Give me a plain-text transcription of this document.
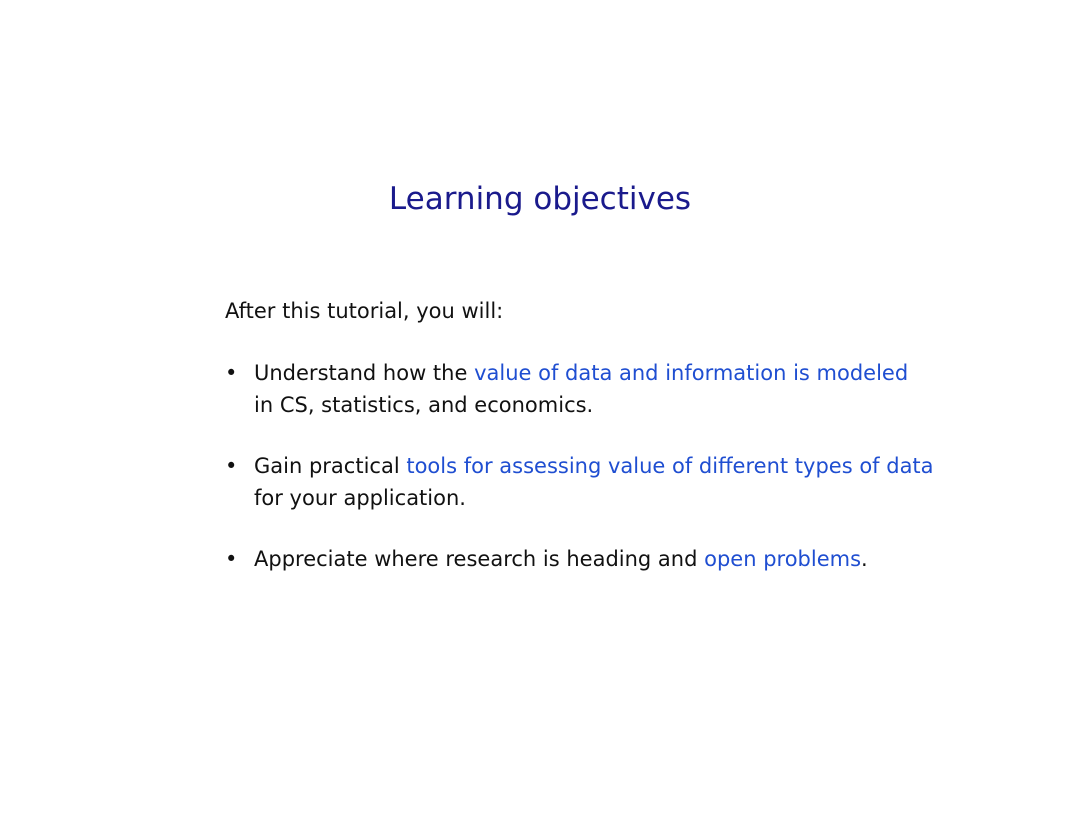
Learning objectives

After this tutorial, you will:

• Understand how the value of data and information is modeled
in CS, statistics, and economics.
• Gain practical tools for assessing value of different types of data
for your application.
• Appreciate where research is heading and open problems.
